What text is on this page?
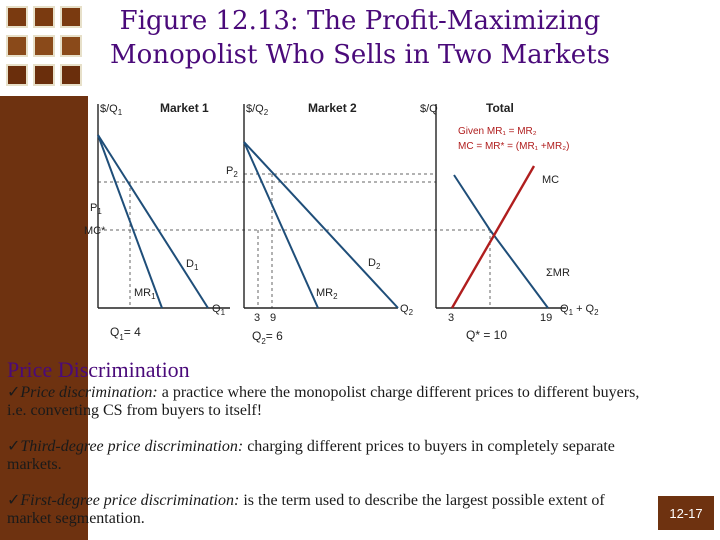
Figure 12.13: The Profit-Maximizing
Monopolist Who Sells in Two Markets
$\$/Q_1$	Market 1	$\$/Q_2$	Market 2	$/Q	Total
Given MR₁ = MR₂
MC = MR* = (MR₁ +MR₂)
$P_1$
MC*
$D_1$
$MR_1$
$Q_1$
$Q_1= 4$
$P_2$
$D_2$
$MR_2$
$Q_2$
3 9
$Q_2= 6$
MC
ΣMR
$Q_1 + Q_2$
3	19
Q* = 10
Price Discrimination
✓Price discrimination: a practice where the monopolist charge different prices to different buyers, i.e. converting CS from buyers to itself!
✓Third-degree price discrimination: charging different prices to buyers in completely separate markets.
✓First-degree price discrimination: is the term used to describe the largest possible extent of market segmentation.	12-17
